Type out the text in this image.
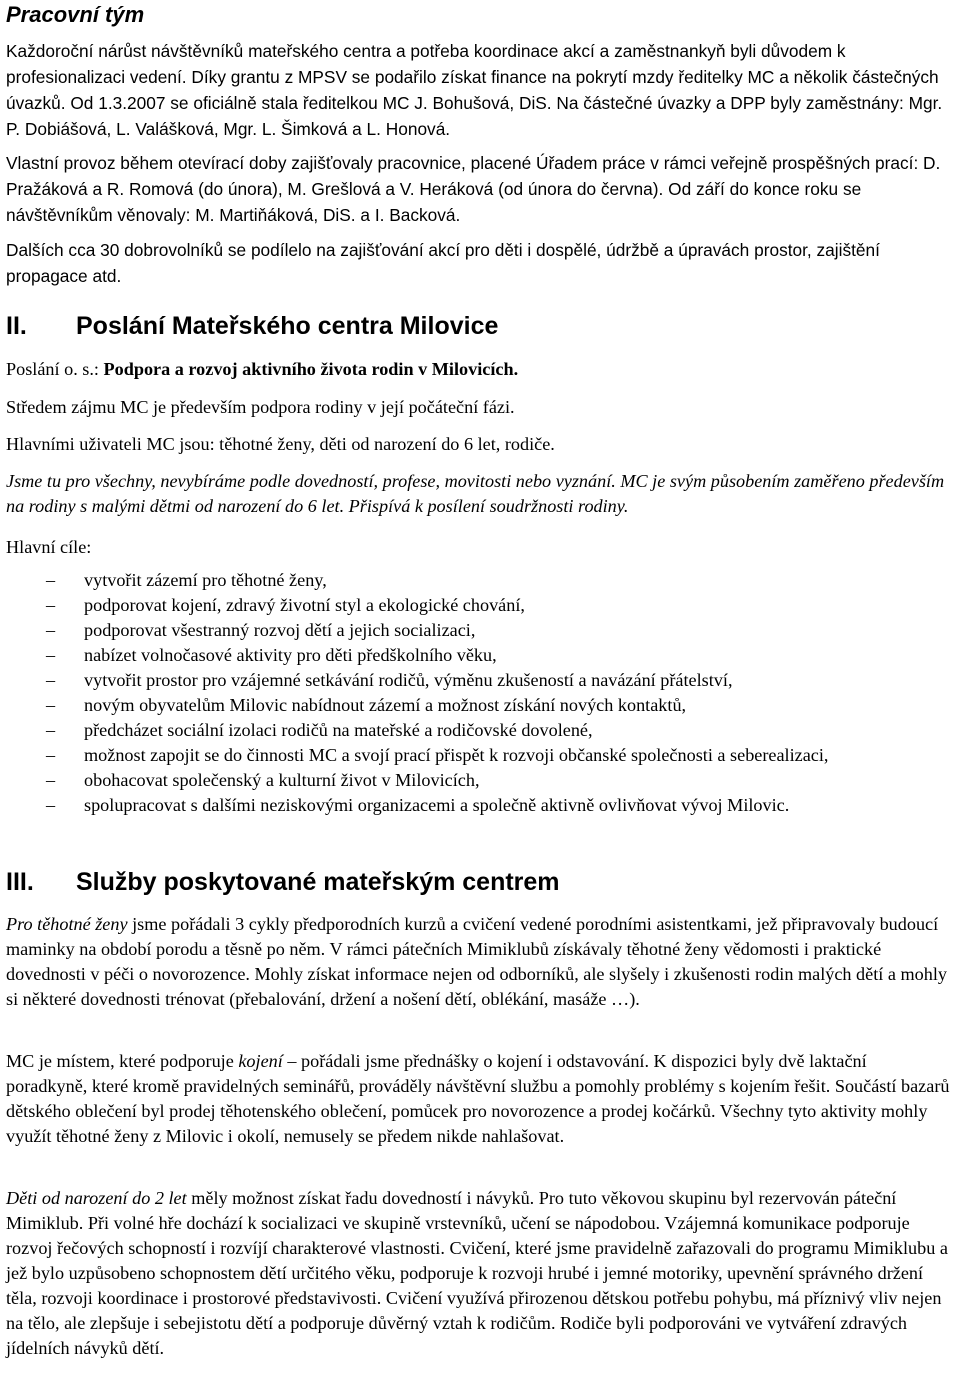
Pracovní tým

Každoroční nárůst návštěvníků mateřského centra a potřeba koordinace akcí a zaměstnankyň byli důvodem k profesionalizaci vedení. Díky grantu z MPSV se podařilo získat finance na pokrytí mzdy ředitelky MC a několik částečných úvazků. Od 1.3.2007 se oficiálně stala ředitelkou MC J. Bohušová, DiS. Na částečné úvazky a DPP byly zaměstnány: Mgr. P. Dobiášová, L. Valášková, Mgr. L. Šimková a L. Honová.

Vlastní provoz během otevírací doby zajišťovaly pracovnice, placené Úřadem práce v rámci veřejně prospěšných prací: D. Pražáková a R. Romová (do února), M. Grešlová a V. Heráková (od února do června). Od září do konce roku se návštěvníkům věnovaly: M. Martiňáková, DiS. a I. Backová.

Dalších cca 30 dobrovolníků se podílelo na zajišťování akcí pro děti i dospělé, údržbě a úpravách prostor, zajištění propagace atd.

II. Poslání Mateřského centra Milovice

Poslání o. s.: Podpora a rozvoj aktivního života rodin v Milovicích.

Středem zájmu MC je především podpora rodiny v její počáteční fázi.

Hlavními uživateli MC jsou: těhotné ženy, děti od narození do 6 let, rodiče.

Jsme tu pro všechny, nevybíráme podle dovedností, profese, movitosti nebo vyznání. MC je svým působením zaměřeno především na rodiny s malými dětmi od narození do 6 let. Přispívá k posílení soudržnosti rodiny.

Hlavní cíle:

– vytvořit zázemí pro těhotné ženy,
– podporovat kojení, zdravý životní styl a ekologické chování,
– podporovat všestranný rozvoj dětí a jejich socializaci,
– nabízet volnočasové aktivity pro děti předškolního věku,
– vytvořit prostor pro vzájemné setkávání rodičů, výměnu zkušeností a navázání přátelství,
– novým obyvatelům Milovic nabídnout zázemí a možnost získání nových kontaktů,
– předcházet sociální izolaci rodičů na mateřské a rodičovské dovolené,
– možnost zapojit se do činnosti MC a svojí prací přispět k rozvoji občanské společnosti a seberealizaci,
– obohacovat společenský a kulturní život v Milovicích,
– spolupracovat s dalšími neziskovými organizacemi a společně aktivně ovlivňovat vývoj Milovic.
III. Služby poskytované mateřským centrem

Pro těhotné ženy jsme pořádali 3 cykly předporodních kurzů a cvičení vedené porodními asistentkami, jež připravovaly budoucí maminky na období porodu a těsně po něm. V rámci pátečních Mimiklubů získávaly těhotné ženy vědomosti i praktické dovednosti v péči o novorozence. Mohly získat informace nejen od odborníků, ale slyšely i zkušenosti rodin malých dětí a mohly si některé dovednosti trénovat (přebalování, držení a nošení dětí, oblékání, masáže …).

MC je místem, které podporuje kojení – pořádali jsme přednášky o kojení i odstavování. K dispozici byly dvě laktační poradkyně, které kromě pravidelných seminářů, prováděly návštěvní službu a pomohly problémy s kojením řešit. Součástí bazarů dětského oblečení byl prodej těhotenského oblečení, pomůcek pro novorozence a prodej kočárků. Všechny tyto aktivity mohly využít těhotné ženy z Milovic i okolí, nemusely se předem nikde nahlašovat.

Děti od narození do 2 let měly možnost získat řadu dovedností i návyků. Pro tuto věkovou skupinu byl rezervován páteční Mimiklub. Při volné hře dochází k socializaci ve skupině vrstevníků, učení se nápodobou. Vzájemná komunikace podporuje rozvoj řečových schopností i rozvíjí charakterové vlastnosti. Cvičení, které jsme pravidelně zařazovali do programu Mimiklubu a jež bylo uzpůsobeno schopnostem dětí určitého věku, podporuje k rozvoji hrubé i jemné motoriky, upevnění správného držení těla, rozvoji koordinace i prostorové představivosti. Cvičení využívá přirozenou dětskou potřebu pohybu, má příznivý vliv nejen na tělo, ale zlepšuje i sebejistotu dětí a podporuje důvěrný vztah k rodičům. Rodiče byli podporováni ve vytváření zdravých jídelních návyků dětí.
